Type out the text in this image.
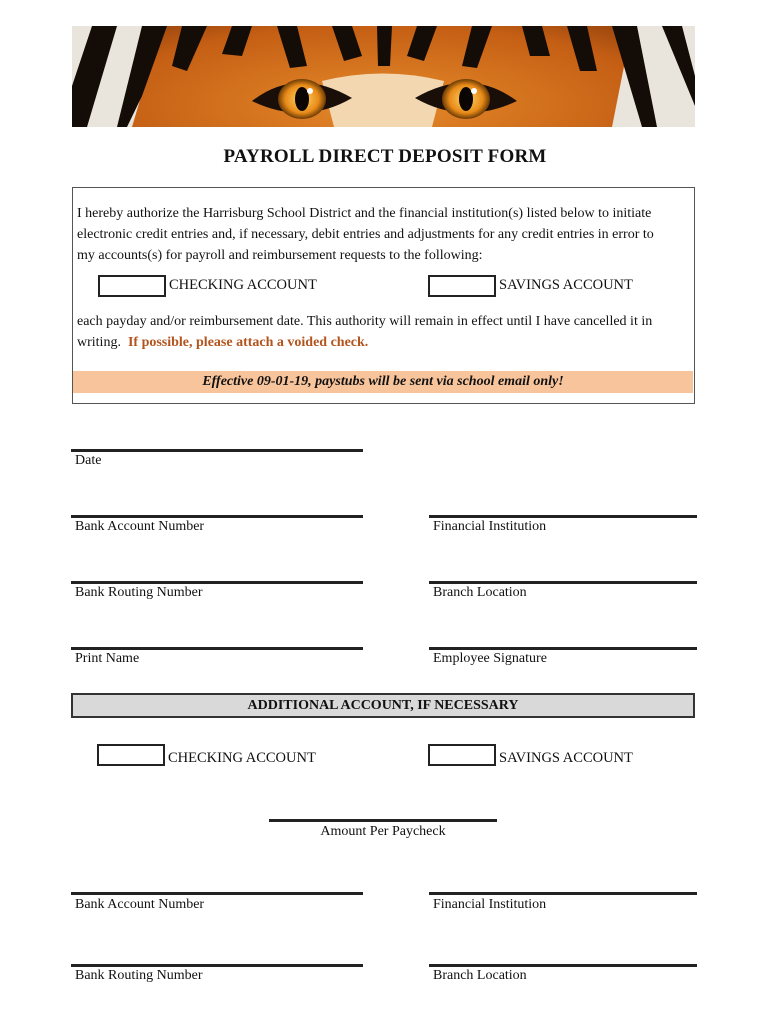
PAYROLL DIRECT DEPOSIT FORM
I hereby authorize the Harrisburg School District and the financial institution(s) listed below to initiate
electronic credit entries and, if necessary, debit entries and adjustments for any credit entries in error to
my accounts(s) for payroll and reimbursement requests to the following:
CHECKING ACCOUNT	SAVINGS ACCOUNT
each payday and/or reimbursement date. This authority will remain in effect until I have cancelled it in
writing. If possible, please attach a voided check.
Effective 09-01-19, paystubs will be sent via school email only!
Date
Bank Account Number	Financial Institution
Bank Routing Number	Branch Location
Print Name	Employee Signature
ADDITIONAL ACCOUNT, IF NECESSARY
CHECKING ACCOUNT	SAVINGS ACCOUNT
Amount Per Paycheck
Bank Account Number	Financial Institution
Bank Routing Number	Branch Location
